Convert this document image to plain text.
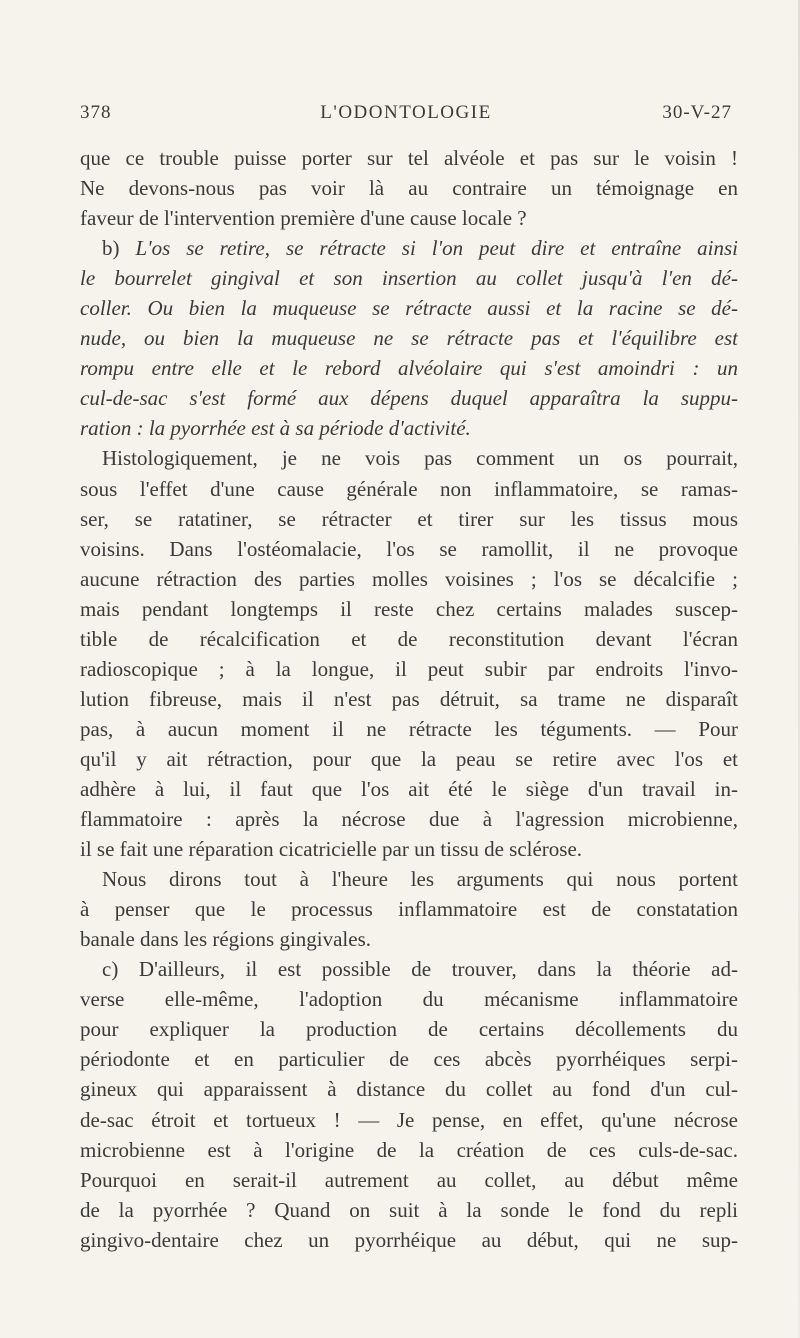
378	L'ODONTOLOGIE	30-V-27
que ce trouble puisse porter sur tel alvéole et pas sur le voisin !
Ne devons-nous pas voir là au contraire un témoignage en
faveur de l'intervention première d'une cause locale ?
b) L'os se retire, se rétracte si l'on peut dire et entraîne ainsi
le bourrelet gingival et son insertion au collet jusqu'à l'en dé-
coller. Ou bien la muqueuse se rétracte aussi et la racine se dé-
nude, ou bien la muqueuse ne se rétracte pas et l'équilibre est
rompu entre elle et le rebord alvéolaire qui s'est amoindri : un
cul-de-sac s'est formé aux dépens duquel apparaîtra la suppu-
ration : la pyorrhée est à sa période d'activité.
Histologiquement, je ne vois pas comment un os pourrait,
sous l'effet d'une cause générale non inflammatoire, se ramas-
ser, se ratatiner, se rétracter et tirer sur les tissus mous
voisins. Dans l'ostéomalacie, l'os se ramollit, il ne provoque
aucune rétraction des parties molles voisines ; l'os se décalcifie ;
mais pendant longtemps il reste chez certains malades suscep-
tible de récalcification et de reconstitution devant l'écran
radioscopique ; à la longue, il peut subir par endroits l'invo-
lution fibreuse, mais il n'est pas détruit, sa trame ne disparaît
pas, à aucun moment il ne rétracte les téguments. — Pour
qu'il y ait rétraction, pour que la peau se retire avec l'os et
adhère à lui, il faut que l'os ait été le siège d'un travail in-
flammatoire : après la nécrose due à l'agression microbienne,
il se fait une réparation cicatricielle par un tissu de sclérose.
Nous dirons tout à l'heure les arguments qui nous portent
à penser que le processus inflammatoire est de constatation
banale dans les régions gingivales.
c) D'ailleurs, il est possible de trouver, dans la théorie ad-
verse elle-même, l'adoption du mécanisme inflammatoire
pour expliquer la production de certains décollements du
périodonte et en particulier de ces abcès pyorrhéiques serpi-
gineux qui apparaissent à distance du collet au fond d'un cul-
de-sac étroit et tortueux ! — Je pense, en effet, qu'une nécrose
microbienne est à l'origine de la création de ces culs-de-sac.
Pourquoi en serait-il autrement au collet, au début même
de la pyorrhée ? Quand on suit à la sonde le fond du repli
gingivo-dentaire chez un pyorrhéique au début, qui ne sup-
